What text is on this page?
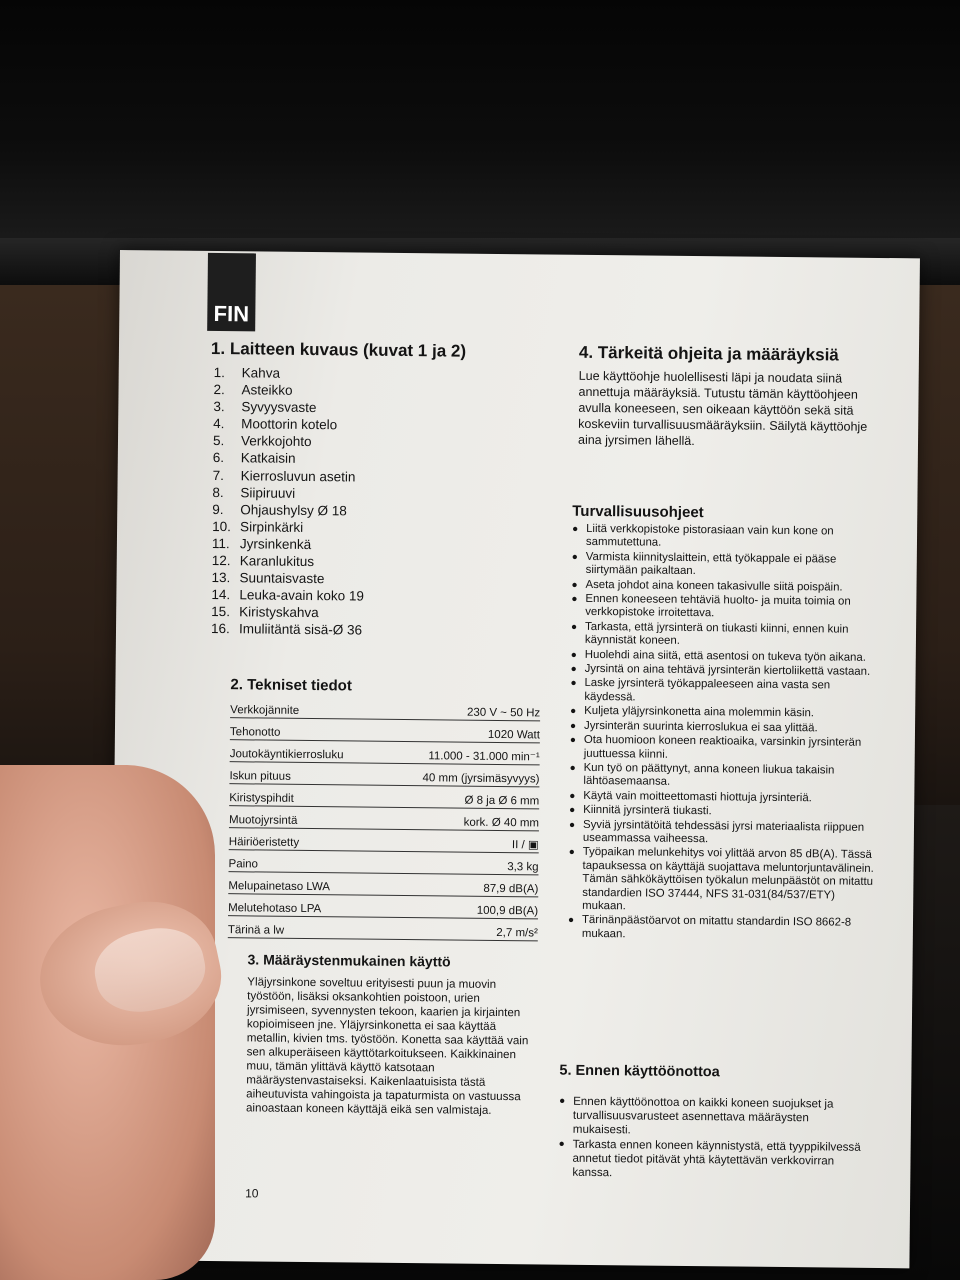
FIN
1. Laitteen kuvaus (kuvat 1 ja 2)
1.	Kahva
2.	Asteikko
3.	Syvyysvaste
4.	Moottorin kotelo
5.	Verkkojohto
6.	Katkaisin
7.	Kierrosluvun asetin
8.	Siipiruuvi
9.	Ohjaushylsy Ø 18
10. Sirpinkärki
11. Jyrsinkenkä
12. Karanlukitus
13. Suuntaisvaste
14. Leuka-avain koko 19
15. Kiristyskahva
16. Imuliitäntä sisä-Ø 36
2. Tekniset tiedot
Verkkojännite	230 V ~ 50 Hz
Tehonotto	1020 Watt
Joutokäyntikierrosluku	11.000 - 31.000 min⁻¹
Iskun pituus	40 mm (jyrsimäsyvyys)
Kiristyspihdit	Ø 8 ja Ø 6 mm
Muotojyrsintä	kork. Ø 40 mm
Häiriöeristetty	II / ▣
Paino	3,3 kg
Melupainetaso LWA	87,9 dB(A)
Melutehotaso LPA	100,9 dB(A)
Tärinä a lw	2,7 m/s²
3. Määräystenmukainen käyttö
Yläjyrsinkone soveltuu erityisesti puun ja muovin työstöön, lisäksi oksankohtien poistoon, urien jyrsimiseen, syvennysten tekoon, kaarien ja kirjainten kopioimiseen jne. Yläjyrsinkonetta ei saa käyttää metallin, kivien tms. työstöön. Konetta saa käyttää vain sen alkuperäiseen käyttötarkoitukseen. Kaikkinainen muu, tämän ylittävä käyttö katsotaan määräystenvastaiseksi. Kaikenlaatuisista tästä aiheutuvista vahingoista ja tapaturmista on vastuussa ainoastaan koneen käyttäjä eikä sen valmistaja.
4. Tärkeitä ohjeita ja määräyksiä
Lue käyttöohje huolellisesti läpi ja noudata siinä annettuja määräyksiä. Tutustu tämän käyttöohjeen avulla koneeseen, sen oikeaan käyttöön sekä sitä koskeviin turvallisuusmääräyksiin. Säilytä käyttöohje aina jyrsimen lähellä.
Turvallisuusohjeet
● Liitä verkkopistoke pistorasiaan vain kun kone on sammutettuna.
● Varmista kiinnityslaittein, että työkappale ei pääse siirtymään paikaltaan.
● Aseta johdot aina koneen takasivulle siitä poispäin.
● Ennen koneeseen tehtäviä huolto- ja muita toimia on verkkopistoke irroitettava.
● Tarkasta, että jyrsinterä on tiukasti kiinni, ennen kuin käynnistät koneen.
● Huolehdi aina siitä, että asentosi on tukeva työn aikana.
● Jyrsintä on aina tehtävä jyrsinterän kiertoliikettä vastaan.
● Laske jyrsinterä työkappaleeseen aina vasta sen käydessä.
● Kuljeta yläjyrsinkonetta aina molemmin käsin.
● Jyrsinterän suurinta kierroslukua ei saa ylittää.
● Ota huomioon koneen reaktioaika, varsinkin jyrsinterän juuttuessa kiinni.
● Kun työ on päättynyt, anna koneen liukua takaisin lähtöasemaansa.
● Käytä vain moitteettomasti hiottuja jyrsinteriä.
● Kiinnitä jyrsinterä tiukasti.
● Syviä jyrsintätöitä tehdessäsi jyrsi materiaalista riippuen useammassa vaiheessa.
● Työpaikan melunkehitys voi ylittää arvon 85 dB(A). Tässä tapauksessa on käyttäjä suojattava meluntorjuntavälinein. Tämän sähkökäyttöisen työkalun melunpäästöt on mitattu standardien ISO 37444, NFS 31-031(84/537/ETY) mukaan.
● Tärinänpäästöarvot on mitattu standardin ISO 8662-8 mukaan.
5. Ennen käyttöönottoa
● Ennen käyttöönottoa on kaikki koneen suojukset ja turvallisuusvarusteet asennettava määräysten mukaisesti.
● Tarkasta ennen koneen käynnistystä, että tyyppikilvessä annetut tiedot pitävät yhtä käytettävän verkkovirran kanssa.
10
